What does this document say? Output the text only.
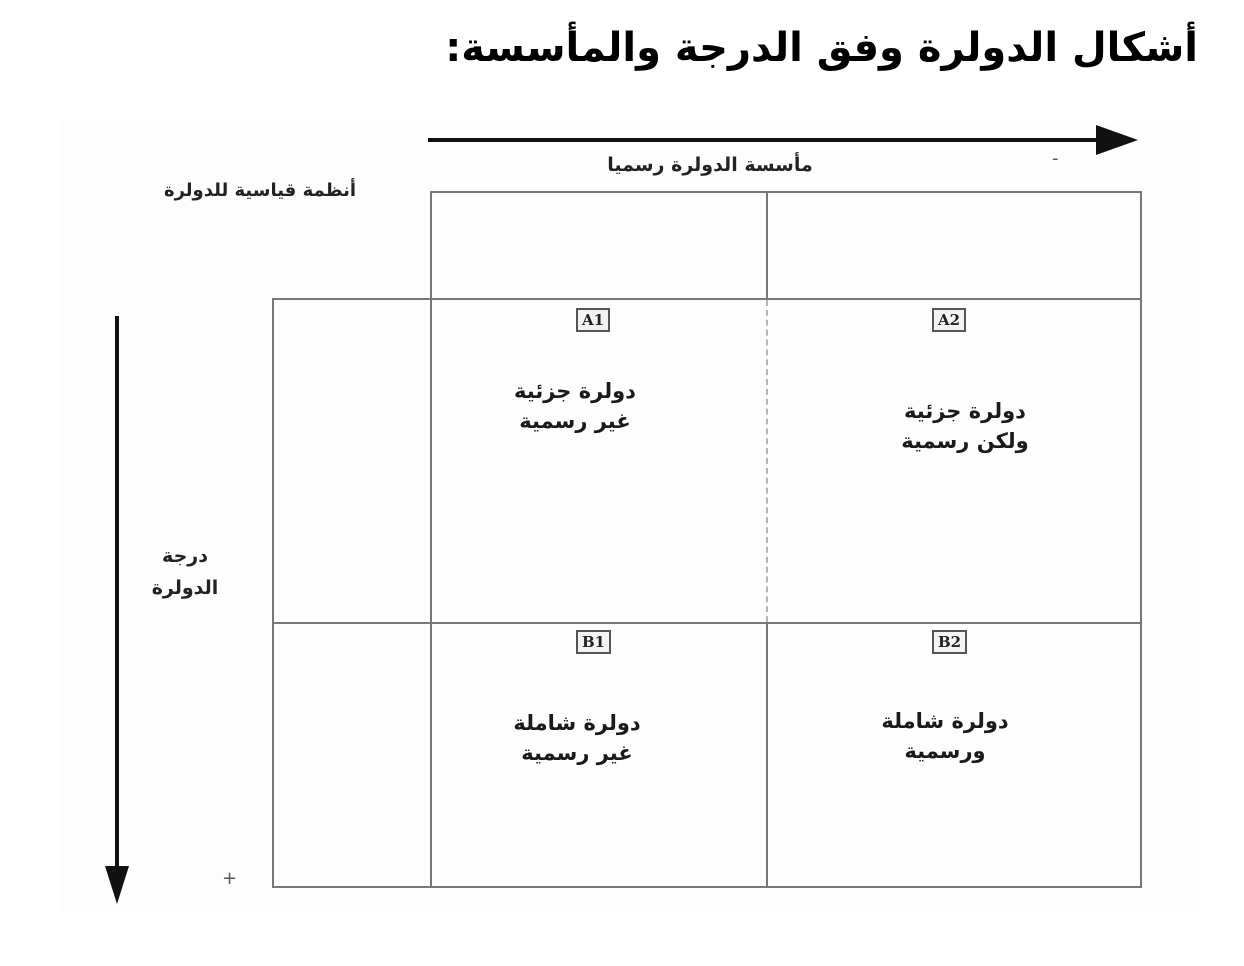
أشكال الدولرة وفق الدرجة والمأسسة:
-
مأسسة الدولرة رسميا
أنظمة قياسية للدولرة
درجة
الدولرة
+
A1
دولرة جزئية
غير رسمية
A2
دولرة جزئية
ولكن رسمية
B1
دولرة شاملة
غير رسمية
B2
دولرة شاملة
ورسمية
